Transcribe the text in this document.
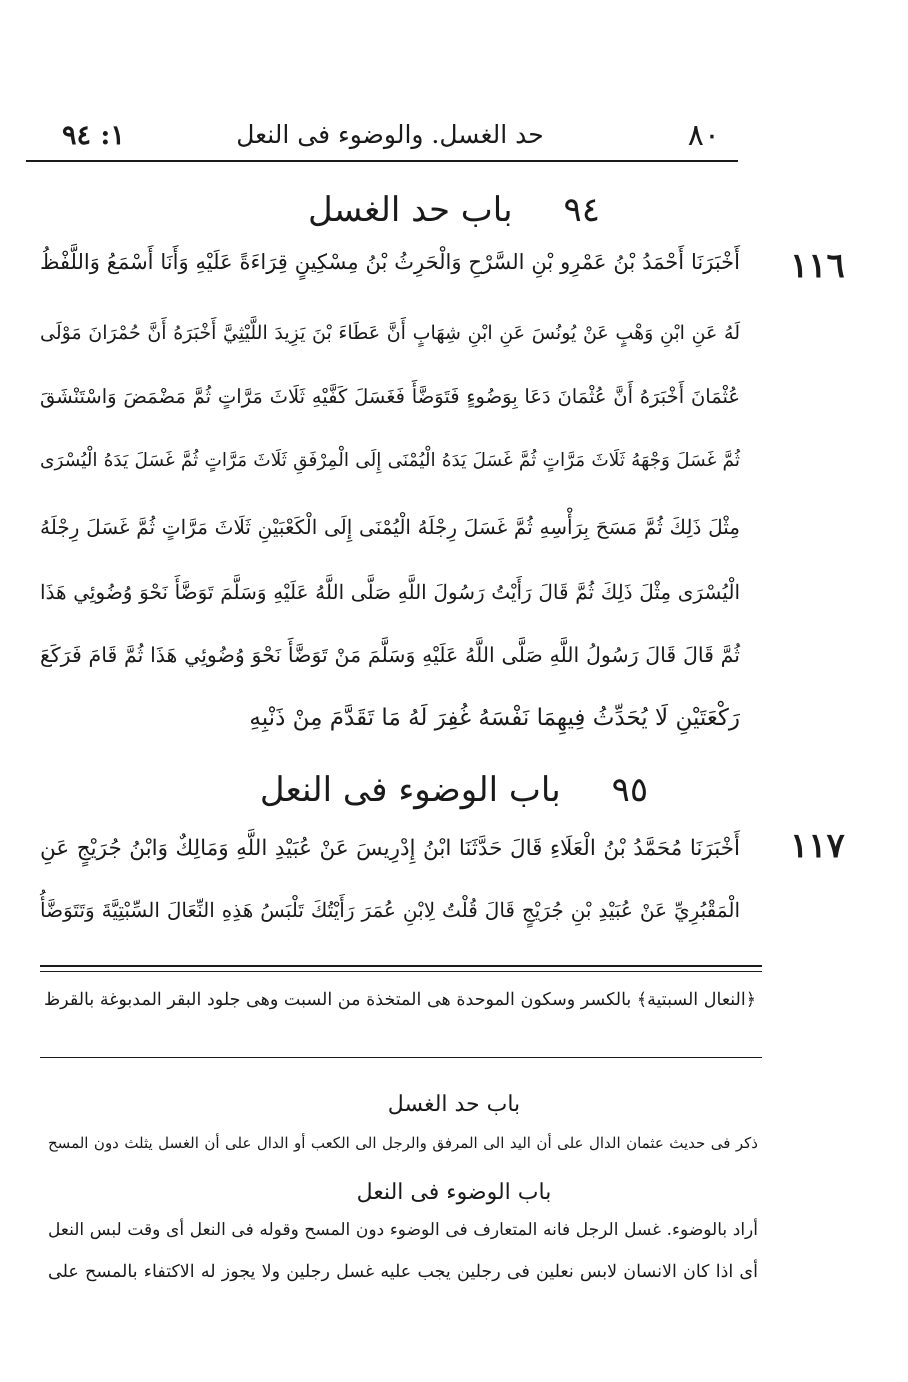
٨٠
حد الغسل. والوضوء فى النعل
١: ٩٤
٩٤ باب حد الغسل
١١٦
أَخْبَرَنَا أَحْمَدُ بْنُ عَمْرِو بْنِ السَّرْحِ وَالْحَرِثُ بْنُ مِسْكِينٍ قِرَاءَةً عَلَيْهِ وَأَنَا أَسْمَعُ وَاللَّفْظُ
لَهُ عَنِ ابْنِ وَهْبٍ عَنْ يُونُسَ عَنِ ابْنِ شِهَابٍ أَنَّ عَطَاءَ بْنَ يَزِيدَ اللَّيْثِيَّ أَخْبَرَهُ أَنَّ حُمْرَانَ مَوْلَى
عُثْمَانَ أَخْبَرَهُ أَنَّ عُثْمَانَ دَعَا بِوَضُوءٍ فَتَوَضَّأَ فَغَسَلَ كَفَّيْهِ ثَلَاثَ مَرَّاتٍ ثُمَّ مَضْمَضَ وَاسْتَنْشَقَ
ثُمَّ غَسَلَ وَجْهَهُ ثَلَاثَ مَرَّاتٍ ثُمَّ غَسَلَ يَدَهُ الْيُمْنَى إِلَى الْمِرْفَقِ ثَلَاثَ مَرَّاتٍ ثُمَّ غَسَلَ يَدَهُ الْيُسْرَى
مِثْلَ ذَلِكَ ثُمَّ مَسَحَ بِرَأْسِهِ ثُمَّ غَسَلَ رِجْلَهُ الْيُمْنَى إِلَى الْكَعْبَيْنِ ثَلَاثَ مَرَّاتٍ ثُمَّ غَسَلَ رِجْلَهُ
الْيُسْرَى مِثْلَ ذَلِكَ ثُمَّ قَالَ رَأَيْتُ رَسُولَ اللَّهِ صَلَّى اللَّهُ عَلَيْهِ وَسَلَّمَ تَوَضَّأَ نَحْوَ وُضُوئِي هَذَا
ثُمَّ قَالَ قَالَ رَسُولُ اللَّهِ صَلَّى اللَّهُ عَلَيْهِ وَسَلَّمَ مَنْ تَوَضَّأَ نَحْوَ وُضُوئِي هَذَا ثُمَّ قَامَ فَرَكَعَ
رَكْعَتَيْنِ لَا يُحَدِّثُ فِيهِمَا نَفْسَهُ غُفِرَ لَهُ مَا تَقَدَّمَ مِنْ ذَنْبِهِ
٩٥ باب الوضوء فى النعل
١١٧
أَخْبَرَنَا مُحَمَّدُ بْنُ الْعَلَاءِ قَالَ حَدَّثَنَا ابْنُ إِدْرِيسَ عَنْ عُبَيْدِ اللَّهِ وَمَالِكٌ وَابْنُ جُرَيْجٍ عَنِ
الْمَقْبُرِيِّ عَنْ عُبَيْدِ بْنِ جُرَيْجٍ قَالَ قُلْتُ لِابْنِ عُمَرَ رَأَيْتُكَ تَلْبَسُ هَذِهِ النِّعَالَ السِّبْتِيَّةَ وَتَتَوَضَّأُ
﴿النعال السبتية﴾ بالكسر وسكون الموحدة هى المتخذة من السبت وهى جلود البقر المدبوغة بالقرظ
باب حد الغسل
ذكر فى حديث عثمان الدال على أن اليد الى المرفق والرجل الى الكعب أو الدال على أن الغسل يثلث دون المسح
باب الوضوء فى النعل
أراد بالوضوء. غسل الرجل فانه المتعارف فى الوضوء دون المسح وقوله فى النعل أى وقت لبس النعل
أى اذا كان الانسان لابس نعلين فى رجلين يجب عليه غسل رجلين ولا يجوز له الاكتفاء بالمسح على
